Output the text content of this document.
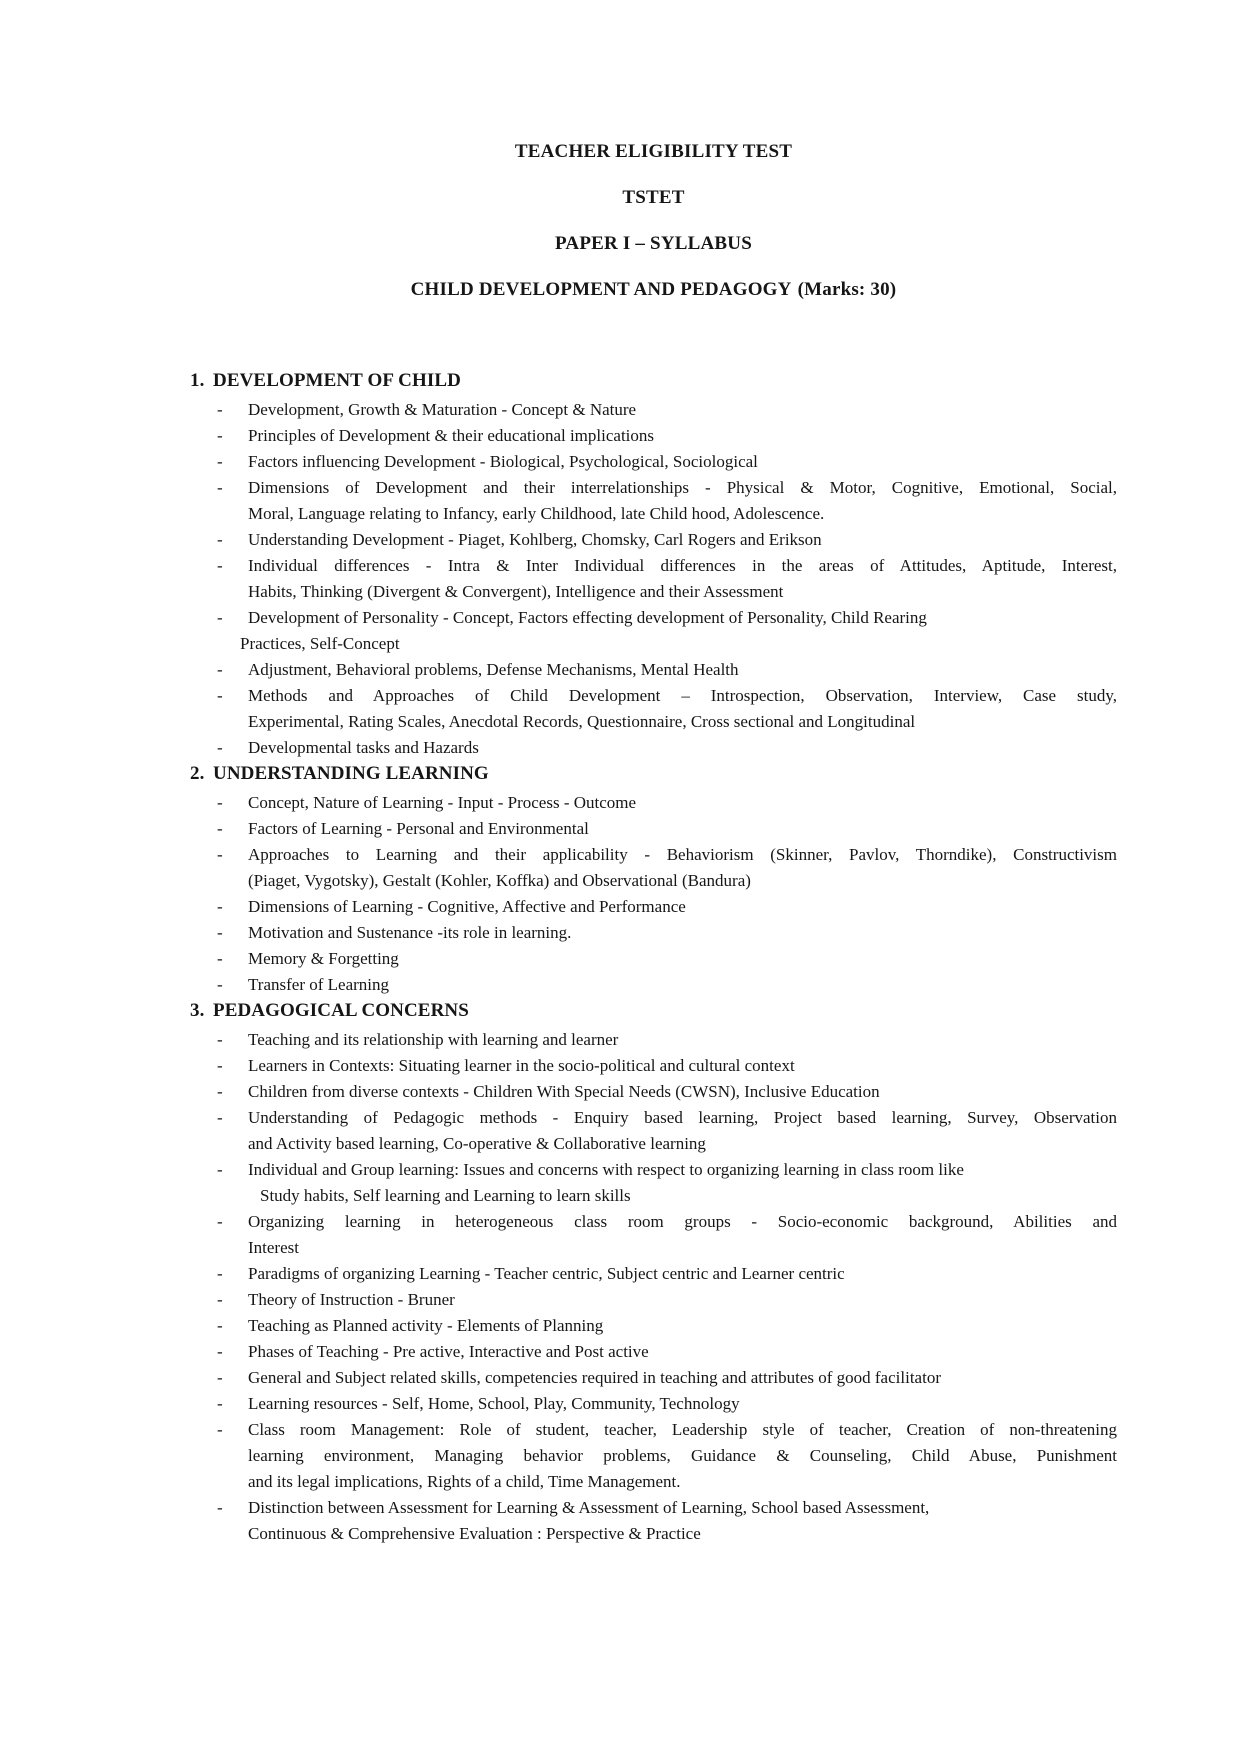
TEACHER ELIGIBILITY TEST
TSTET
PAPER I – SYLLABUS
CHILD DEVELOPMENT AND PEDAGOGY (Marks: 30)
1. DEVELOPMENT OF CHILD
- Development, Growth & Maturation - Concept & Nature
- Principles of Development & their educational implications
- Factors influencing Development - Biological, Psychological, Sociological
- Dimensions of Development and their interrelationships - Physical & Motor, Cognitive, Emotional, Social,
Moral, Language relating to Infancy, early Childhood, late Child hood, Adolescence.
- Understanding Development - Piaget, Kohlberg, Chomsky, Carl Rogers and Erikson
- Individual differences - Intra & Inter Individual differences in the areas of Attitudes, Aptitude, Interest,
Habits, Thinking (Divergent & Convergent), Intelligence and their Assessment
- Development of Personality - Concept, Factors effecting development of Personality, Child Rearing
Practices, Self-Concept
- Adjustment, Behavioral problems, Defense Mechanisms, Mental Health
- Methods and Approaches of Child Development – Introspection, Observation, Interview, Case study,
Experimental, Rating Scales, Anecdotal Records, Questionnaire, Cross sectional and Longitudinal
- Developmental tasks and Hazards
2. UNDERSTANDING LEARNING
- Concept, Nature of Learning - Input - Process - Outcome
- Factors of Learning - Personal and Environmental
- Approaches to Learning and their applicability - Behaviorism (Skinner, Pavlov, Thorndike), Constructivism
(Piaget, Vygotsky), Gestalt (Kohler, Koffka) and Observational (Bandura)
- Dimensions of Learning - Cognitive, Affective and Performance
- Motivation and Sustenance -its role in learning.
- Memory & Forgetting
- Transfer of Learning
3. PEDAGOGICAL CONCERNS
- Teaching and its relationship with learning and learner
- Learners in Contexts: Situating learner in the socio-political and cultural context
- Children from diverse contexts - Children With Special Needs (CWSN), Inclusive Education
- Understanding of Pedagogic methods - Enquiry based learning, Project based learning, Survey, Observation
and Activity based learning, Co-operative & Collaborative learning
- Individual and Group learning: Issues and concerns with respect to organizing learning in class room like
Study habits, Self learning and Learning to learn skills
- Organizing learning in heterogeneous class room groups - Socio-economic background, Abilities and
Interest
- Paradigms of organizing Learning - Teacher centric, Subject centric and Learner centric
- Theory of Instruction - Bruner
- Teaching as Planned activity - Elements of Planning
- Phases of Teaching - Pre active, Interactive and Post active
- General and Subject related skills, competencies required in teaching and attributes of good facilitator
- Learning resources - Self, Home, School, Play, Community, Technology
- Class room Management: Role of student, teacher, Leadership style of teacher, Creation of non-threatening
learning environment, Managing behavior problems, Guidance & Counseling, Child Abuse, Punishment
and its legal implications, Rights of a child, Time Management.
- Distinction between Assessment for Learning & Assessment of Learning, School based Assessment,
Continuous & Comprehensive Evaluation : Perspective & Practice
